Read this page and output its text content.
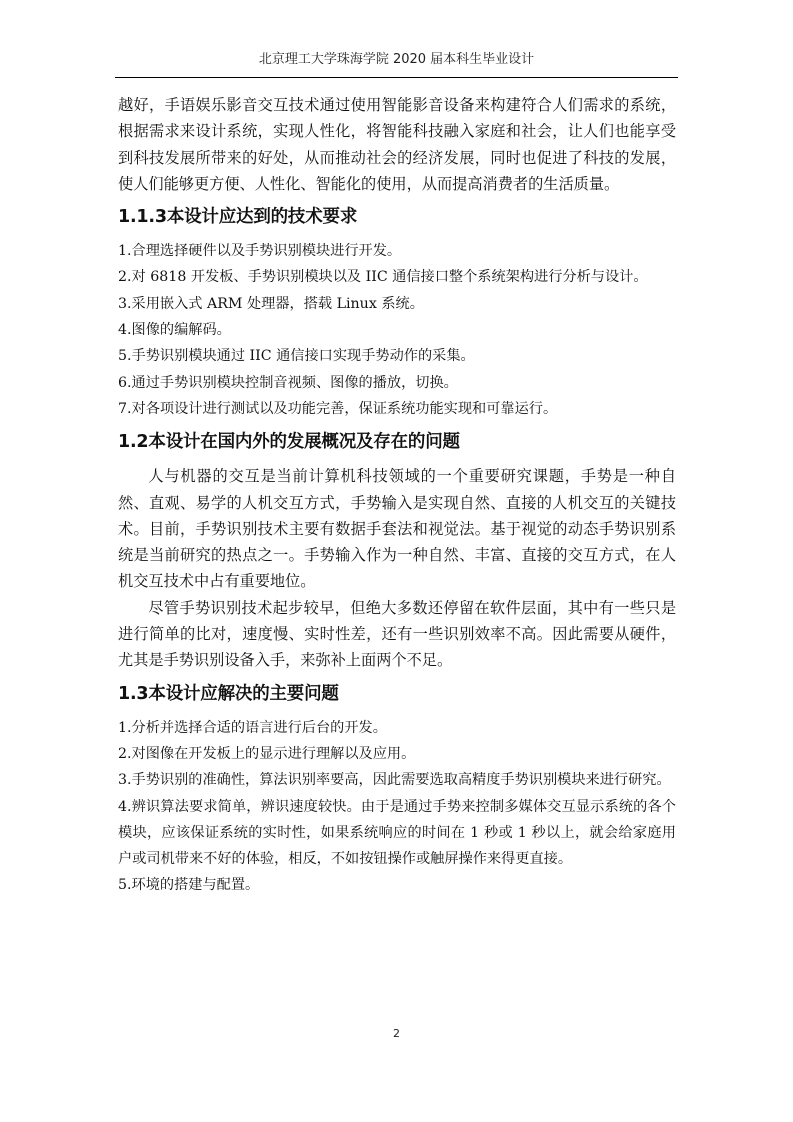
北京理工大学珠海学院 2020 届本科生毕业设计

越好，手语娱乐影音交互技术通过使用智能影音设备来构建符合人们需求的系统，根据需求来设计系统，实现人性化，将智能科技融入家庭和社会，让人们也能享受到科技发展所带来的好处，从而推动社会的经济发展，同时也促进了科技的发展，使人们能够更方便、人性化、智能化的使用，从而提高消费者的生活质量。

1.1.3本设计应达到的技术要求

1.合理选择硬件以及手势识别模块进行开发。

2.对 6818 开发板、手势识别模块以及 IIC 通信接口整个系统架构进行分析与设计。

3.采用嵌入式 ARM 处理器，搭载 Linux 系统。

4.图像的编解码。

5.手势识别模块通过 IIC 通信接口实现手势动作的采集。

6.通过手势识别模块控制音视频、图像的播放，切换。

7.对各项设计进行测试以及功能完善，保证系统功能实现和可靠运行。

1.2本设计在国内外的发展概况及存在的问题

人与机器的交互是当前计算机科技领域的一个重要研究课题，手势是一种自然、直观、易学的人机交互方式，手势输入是实现自然、直接的人机交互的关键技术。目前，手势识别技术主要有数据手套法和视觉法。基于视觉的动态手势识别系统是当前研究的热点之一。手势输入作为一种自然、丰富、直接的交互方式，在人机交互技术中占有重要地位。

尽管手势识别技术起步较早，但绝大多数还停留在软件层面，其中有一些只是进行简单的比对，速度慢、实时性差，还有一些识别效率不高。因此需要从硬件，尤其是手势识别设备入手，来弥补上面两个不足。

1.3本设计应解决的主要问题

1.分析并选择合适的语言进行后台的开发。

2.对图像在开发板上的显示进行理解以及应用。

3.手势识别的准确性，算法识别率要高，因此需要选取高精度手势识别模块来进行研究。

4.辨识算法要求简单，辨识速度较快。由于是通过手势来控制多媒体交互显示系统的各个模块，应该保证系统的实时性，如果系统响应的时间在 1 秒或 1 秒以上，就会给家庭用户或司机带来不好的体验，相反，不如按钮操作或触屏操作来得更直接。

5.环境的搭建与配置。

2
